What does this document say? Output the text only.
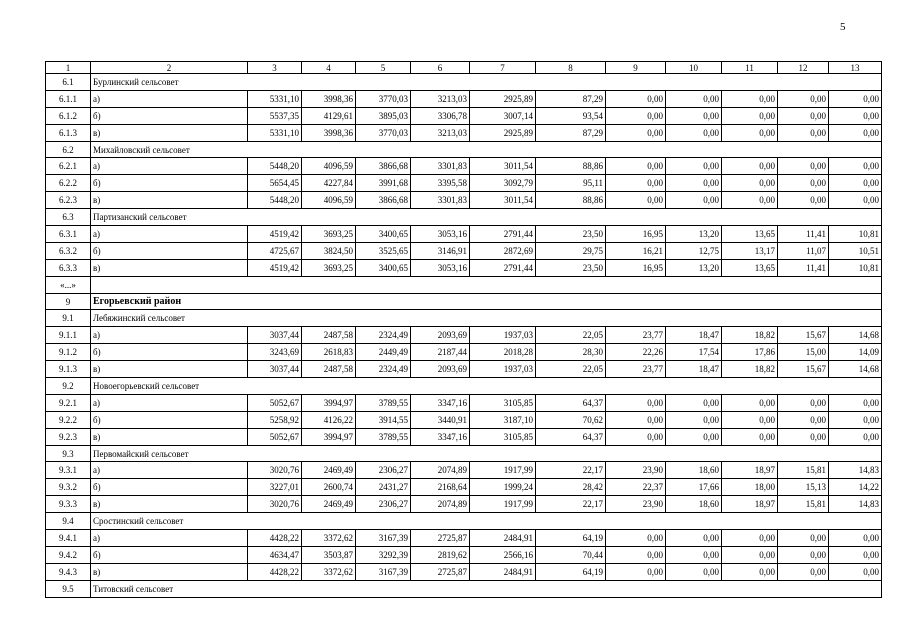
5
1	2	3	4	5	6	7	8	9	10	11	12	13
6.1	Бурлинский сельсовет											
6.1.1	а)	5331,10	3998,36	3770,03	3213,03	2925,89	87,29	0,00	0,00	0,00	0,00	0,00
6.1.2	б)	5537,35	4129,61	3895,03	3306,78	3007,14	93,54	0,00	0,00	0,00	0,00	0,00
6.1.3	в)	5331,10	3998,36	3770,03	3213,03	2925,89	87,29	0,00	0,00	0,00	0,00	0,00
6.2	Михайловский сельсовет											
6.2.1	а)	5448,20	4096,59	3866,68	3301,83	3011,54	88,86	0,00	0,00	0,00	0,00	0,00
6.2.2	б)	5654,45	4227,84	3991,68	3395,58	3092,79	95,11	0,00	0,00	0,00	0,00	0,00
6.2.3	в)	5448,20	4096,59	3866,68	3301,83	3011,54	88,86	0,00	0,00	0,00	0,00	0,00
6.3	Партизанский сельсовет											
6.3.1	а)	4519,42	3693,25	3400,65	3053,16	2791,44	23,50	16,95	13,20	13,65	11,41	10,81
6.3.2	б)	4725,67	3824,50	3525,65	3146,91	2872,69	29,75	16,21	12,75	13,17	11,07	10,51
6.3.3	в)	4519,42	3693,25	3400,65	3053,16	2791,44	23,50	16,95	13,20	13,65	11,41	10,81
«...»												
9	Егорьевский район											
9.1	Лебяжинский сельсовет											
9.1.1	а)	3037,44	2487,58	2324,49	2093,69	1937,03	22,05	23,77	18,47	18,82	15,67	14,68
9.1.2	б)	3243,69	2618,83	2449,49	2187,44	2018,28	28,30	22,26	17,54	17,86	15,00	14,09
9.1.3	в)	3037,44	2487,58	2324,49	2093,69	1937,03	22,05	23,77	18,47	18,82	15,67	14,68
9.2	Новоегорьевский сельсовет											
9.2.1	а)	5052,67	3994,97	3789,55	3347,16	3105,85	64,37	0,00	0,00	0,00	0,00	0,00
9.2.2	б)	5258,92	4126,22	3914,55	3440,91	3187,10	70,62	0,00	0,00	0,00	0,00	0,00
9.2.3	в)	5052,67	3994,97	3789,55	3347,16	3105,85	64,37	0,00	0,00	0,00	0,00	0,00
9.3	Первомайский сельсовет											
9.3.1	а)	3020,76	2469,49	2306,27	2074,89	1917,99	22,17	23,90	18,60	18,97	15,81	14,83
9.3.2	б)	3227,01	2600,74	2431,27	2168,64	1999,24	28,42	22,37	17,66	18,00	15,13	14,22
9.3.3	в)	3020,76	2469,49	2306,27	2074,89	1917,99	22,17	23,90	18,60	18,97	15,81	14,83
9.4	Сростинский сельсовет											
9.4.1	а)	4428,22	3372,62	3167,39	2725,87	2484,91	64,19	0,00	0,00	0,00	0,00	0,00
9.4.2	б)	4634,47	3503,87	3292,39	2819,62	2566,16	70,44	0,00	0,00	0,00	0,00	0,00
9.4.3	в)	4428,22	3372,62	3167,39	2725,87	2484,91	64,19	0,00	0,00	0,00	0,00	0,00
9.5	Титовский сельсовет											
